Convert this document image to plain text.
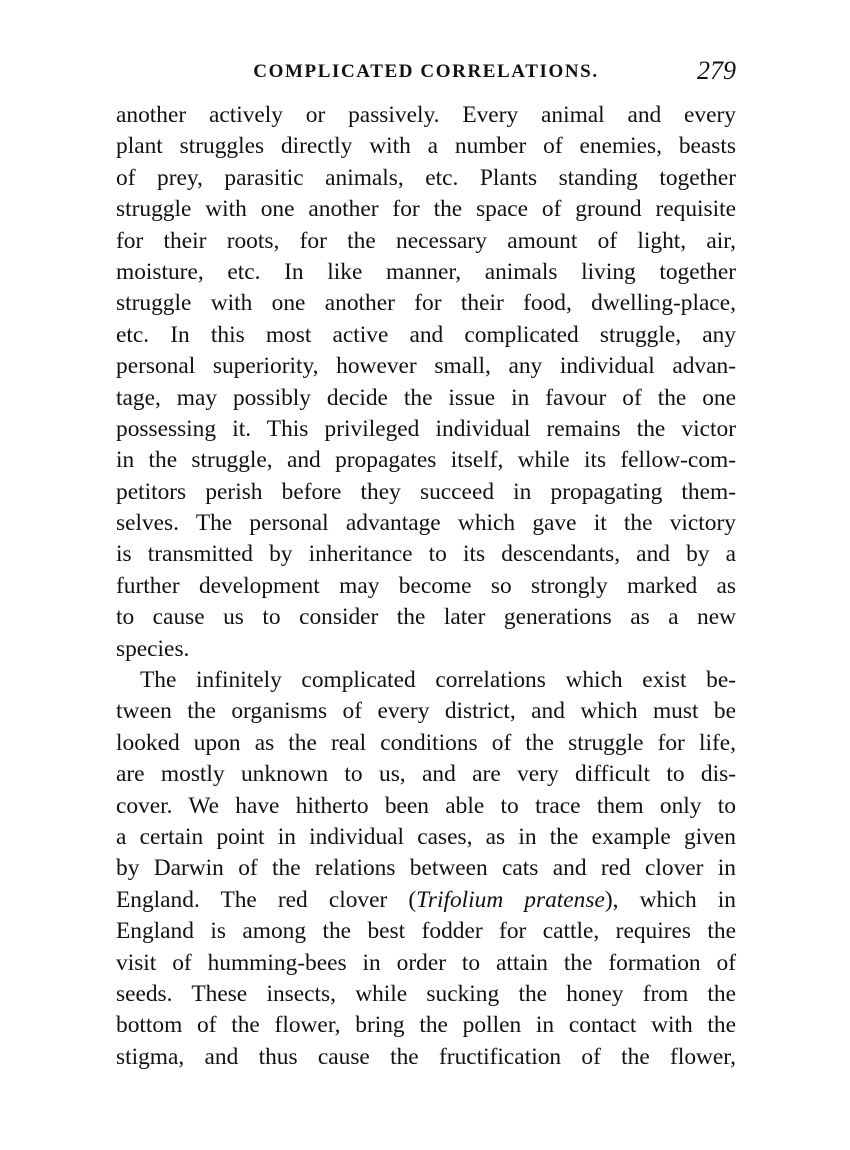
COMPLICATED CORRELATIONS.	279
another actively or passively. Every animal and every
plant struggles directly with a number of enemies, beasts
of prey, parasitic animals, etc. Plants standing together
struggle with one another for the space of ground requisite
for their roots, for the necessary amount of light, air,
moisture, etc. In like manner, animals living together
struggle with one another for their food, dwelling-place,
etc. In this most active and complicated struggle, any
personal superiority, however small, any individual advan-
tage, may possibly decide the issue in favour of the one
possessing it. This privileged individual remains the victor
in the struggle, and propagates itself, while its fellow-com-
petitors perish before they succeed in propagating them-
selves. The personal advantage which gave it the victory
is transmitted by inheritance to its descendants, and by a
further development may become so strongly marked as
to cause us to consider the later generations as a new
species.
The infinitely complicated correlations which exist be-
tween the organisms of every district, and which must be
looked upon as the real conditions of the struggle for life,
are mostly unknown to us, and are very difficult to dis-
cover. We have hitherto been able to trace them only to
a certain point in individual cases, as in the example given
by Darwin of the relations between cats and red clover in
England. The red clover (Trifolium pratense), which in
England is among the best fodder for cattle, requires the
visit of humming-bees in order to attain the formation of
seeds. These insects, while sucking the honey from the
bottom of the flower, bring the pollen in contact with the
stigma, and thus cause the fructification of the flower,
